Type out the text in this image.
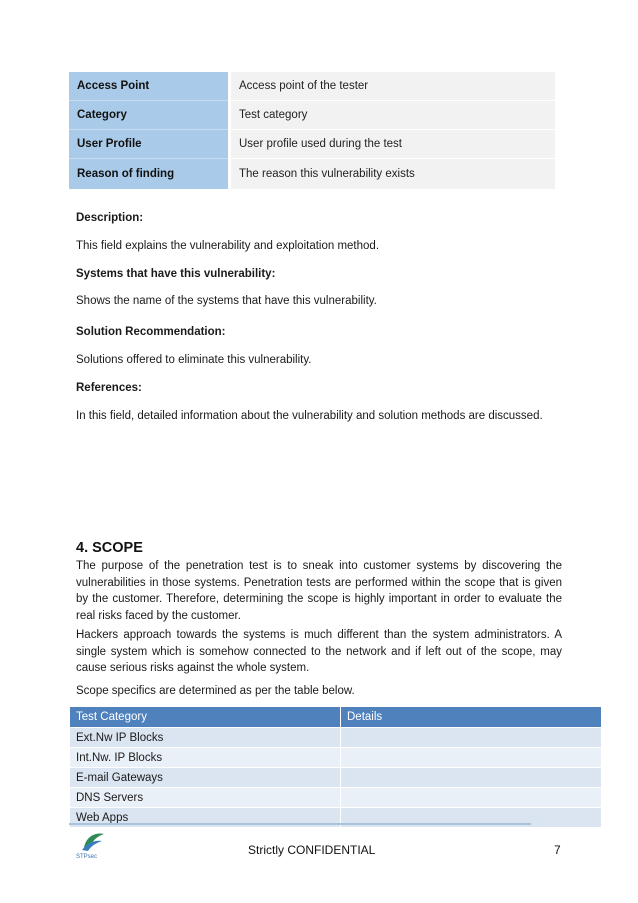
Access Point	Access point of the tester
Category	Test category
User Profile	User profile used during the test
Reason of finding	The reason this vulnerability exists
Description:
This field explains the vulnerability and exploitation method.
Systems that have this vulnerability:
Shows the name of the systems that have this vulnerability.
Solution Recommendation:
Solutions offered to eliminate this vulnerability.
References:
In this field, detailed information about the vulnerability and solution methods are discussed.
4. SCOPE
The purpose of the penetration test is to sneak into customer systems by discovering the vulnerabilities in those systems. Penetration tests are performed within the scope that is given by the customer. Therefore, determining the scope is highly important in order to evaluate the real risks faced by the customer.
Hackers approach towards the systems is much different than the system administrators. A single system which is somehow connected to the network and if left out of the scope, may cause serious risks against the whole system.
Scope specifics are determined as per the table below.
Test Category	Details
Ext.Nw IP Blocks	
Int.Nw. IP Blocks	
E-mail Gateways	
DNS Servers	
Web Apps	
STPsec	Strictly CONFIDENTIAL	7
